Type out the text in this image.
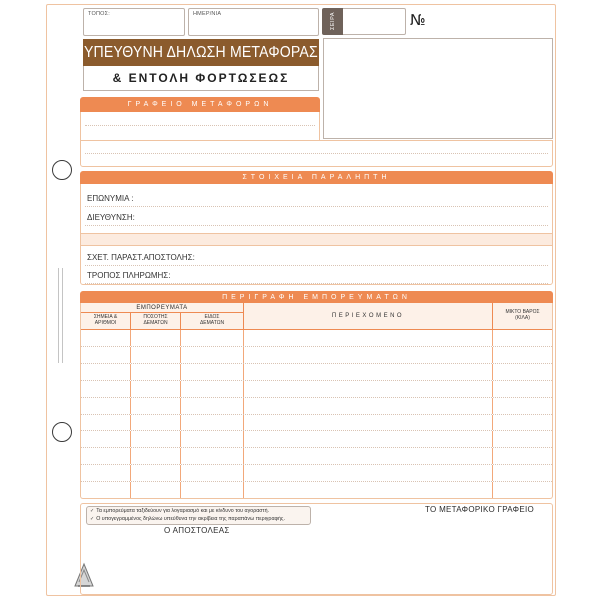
ΤΟΠΟΣ:	ΗΜΕΡ/ΝΙΑ
ΥΠΕΥΘΥΝΗ ΔΗΛΩΣΗ ΜΕΤΑΦΟΡΑΣ
& ΕΝΤΟΛΗ ΦΟΡΤΩΣΕΩΣ
ΣΕΙΡΑ	№
ΓΡΑΦΕΙΟ ΜΕΤΑΦΟΡΩΝ
ΣΤΟΙΧΕΙΑ ΠΑΡΑΛΗΠΤΗ
ΕΠΩΝΥΜΙΑ :
ΔΙΕΥΘΥΝΣΗ:
ΣΧΕΤ. ΠΑΡΑΣΤ.ΑΠΟΣΤΟΛΗΣ:
ΤΡΟΠΟΣ ΠΛΗΡΩΜΗΣ:
ΠΕΡΙΓΡΑΦΗ ΕΜΠΟΡΕΥΜΑΤΩΝ
ΕΜΠΟΡΕΥΜΑΤΑ
ΣΗΜΕΙΑ &
ΑΡΙΘΜΟΙ
ΠΟΣΟΤΗΣ
ΔΕΜΑΤΩΝ
ΕΙΔΟΣ
ΔΕΜΑΤΩΝ
ΠΕΡΙΕΧΟΜΕΝΟ
ΜΙΚΤΟ ΒΑΡΟΣ
(ΚΙΛΑ)
✓ Τα εμπορεύματα ταξιδεύουν για λογαριασμό και με κίνδυνο του αγοραστή.
✓ Ο υπογεγραμμένος δηλώνω υπεύθυνα την ακρίβεια της παραπάνω περιγραφής.
Ο ΑΠΟΣΤΟΛΕΑΣ
ΤΟ ΜΕΤΑΦΟΡΙΚΟ ΓΡΑΦΕΙΟ
